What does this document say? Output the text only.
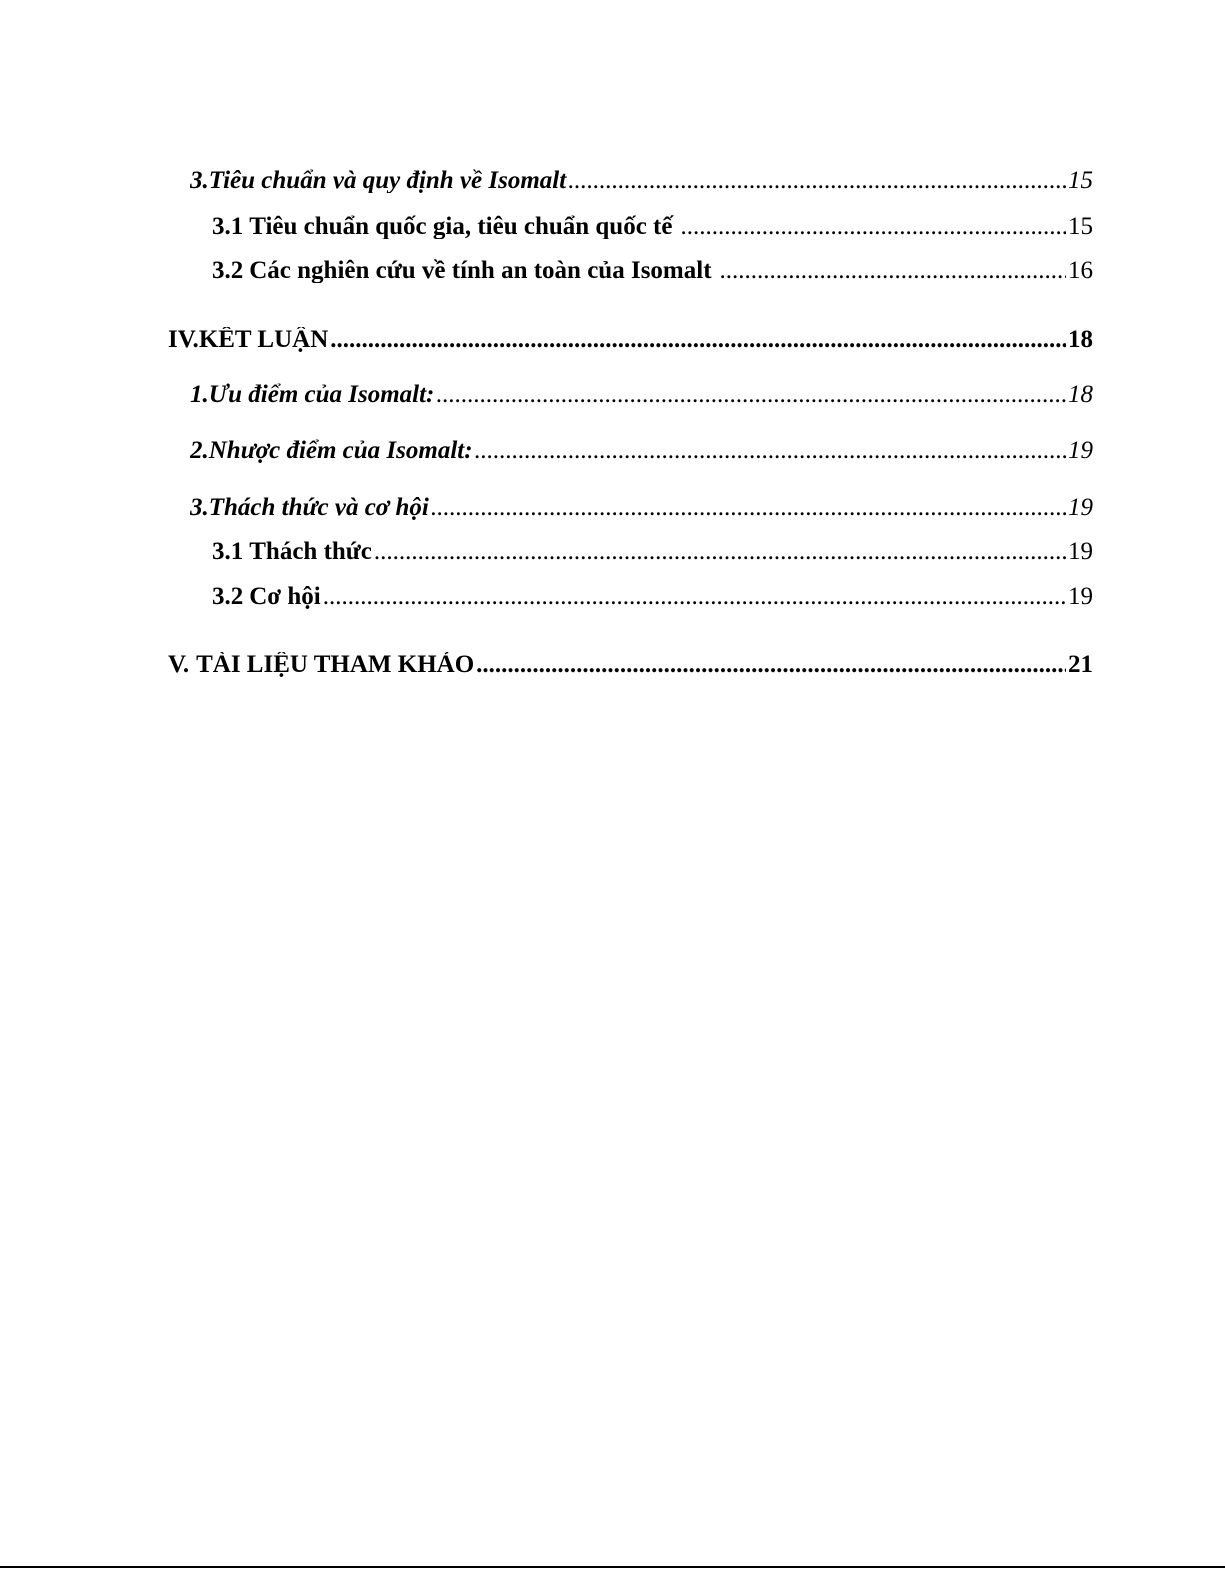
3. Tiêu chuẩn và quy định về Isomalt .....	15
3.1 Tiêu chuẩn quốc gia, tiêu chuẩn quốc tế .....	15
3.2 Các nghiên cứu về tính an toàn của Isomalt .....	16
IV. KẾT LUẬN .....	18
1. Ưu điểm của Isomalt: .....	18
2. Nhược điểm của Isomalt: .....	19
3. Thách thức và cơ hội .....	19
3.1 Thách thức .....	19
3.2 Cơ hội .....	19
V. TÀI LIỆU THAM KHẢO .....	21
